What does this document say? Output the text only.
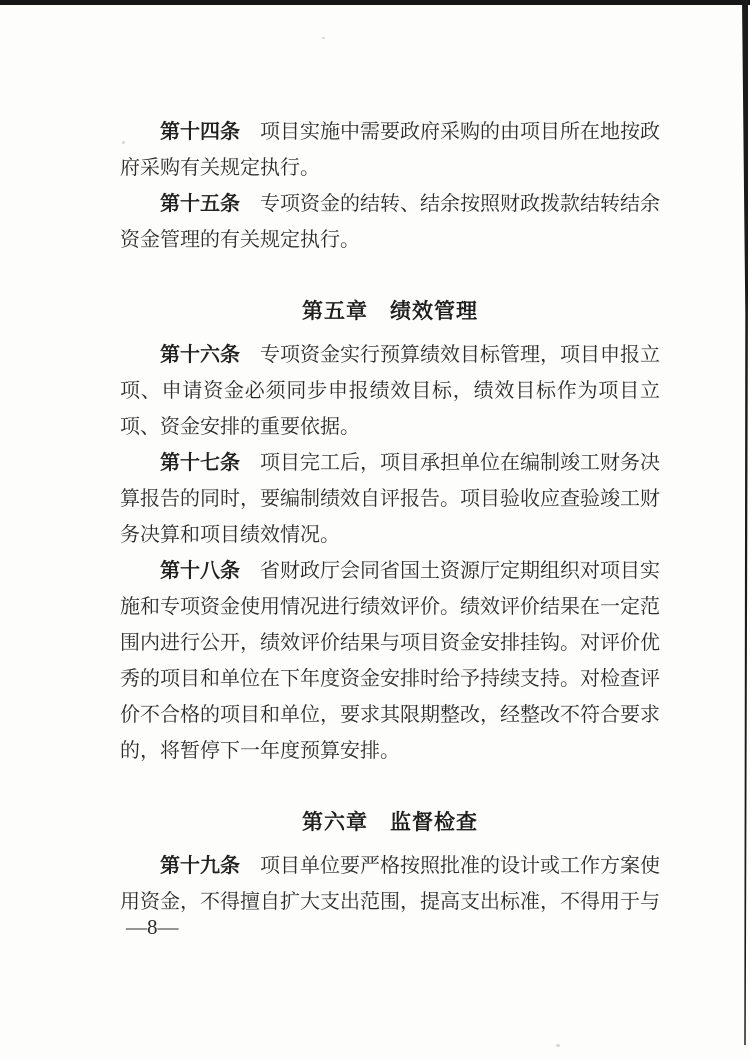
第十四条 项目实施中需要政府采购的由项目所在地按政府采购有关规定执行。

第十五条 专项资金的结转、结余按照财政拨款结转结余资金管理的有关规定执行。

第五章　绩效管理

第十六条 专项资金实行预算绩效目标管理，项目申报立项、申请资金必须同步申报绩效目标，绩效目标作为项目立项、资金安排的重要依据。

第十七条 项目完工后，项目承担单位在编制竣工财务决算报告的同时，要编制绩效自评报告。项目验收应查验竣工财务决算和项目绩效情况。

第十八条 省财政厅会同省国土资源厅定期组织对项目实施和专项资金使用情况进行绩效评价。绩效评价结果在一定范围内进行公开，绩效评价结果与项目资金安排挂钩。对评价优秀的项目和单位在下年度资金安排时给予持续支持。对检查评价不合格的项目和单位，要求其限期整改，经整改不符合要求的，将暂停下一年度预算安排。

第六章　监督检查

第十九条 项目单位要严格按照批准的设计或工作方案使用资金，不得擅自扩大支出范围，提高支出标准，不得用于与

—8—
